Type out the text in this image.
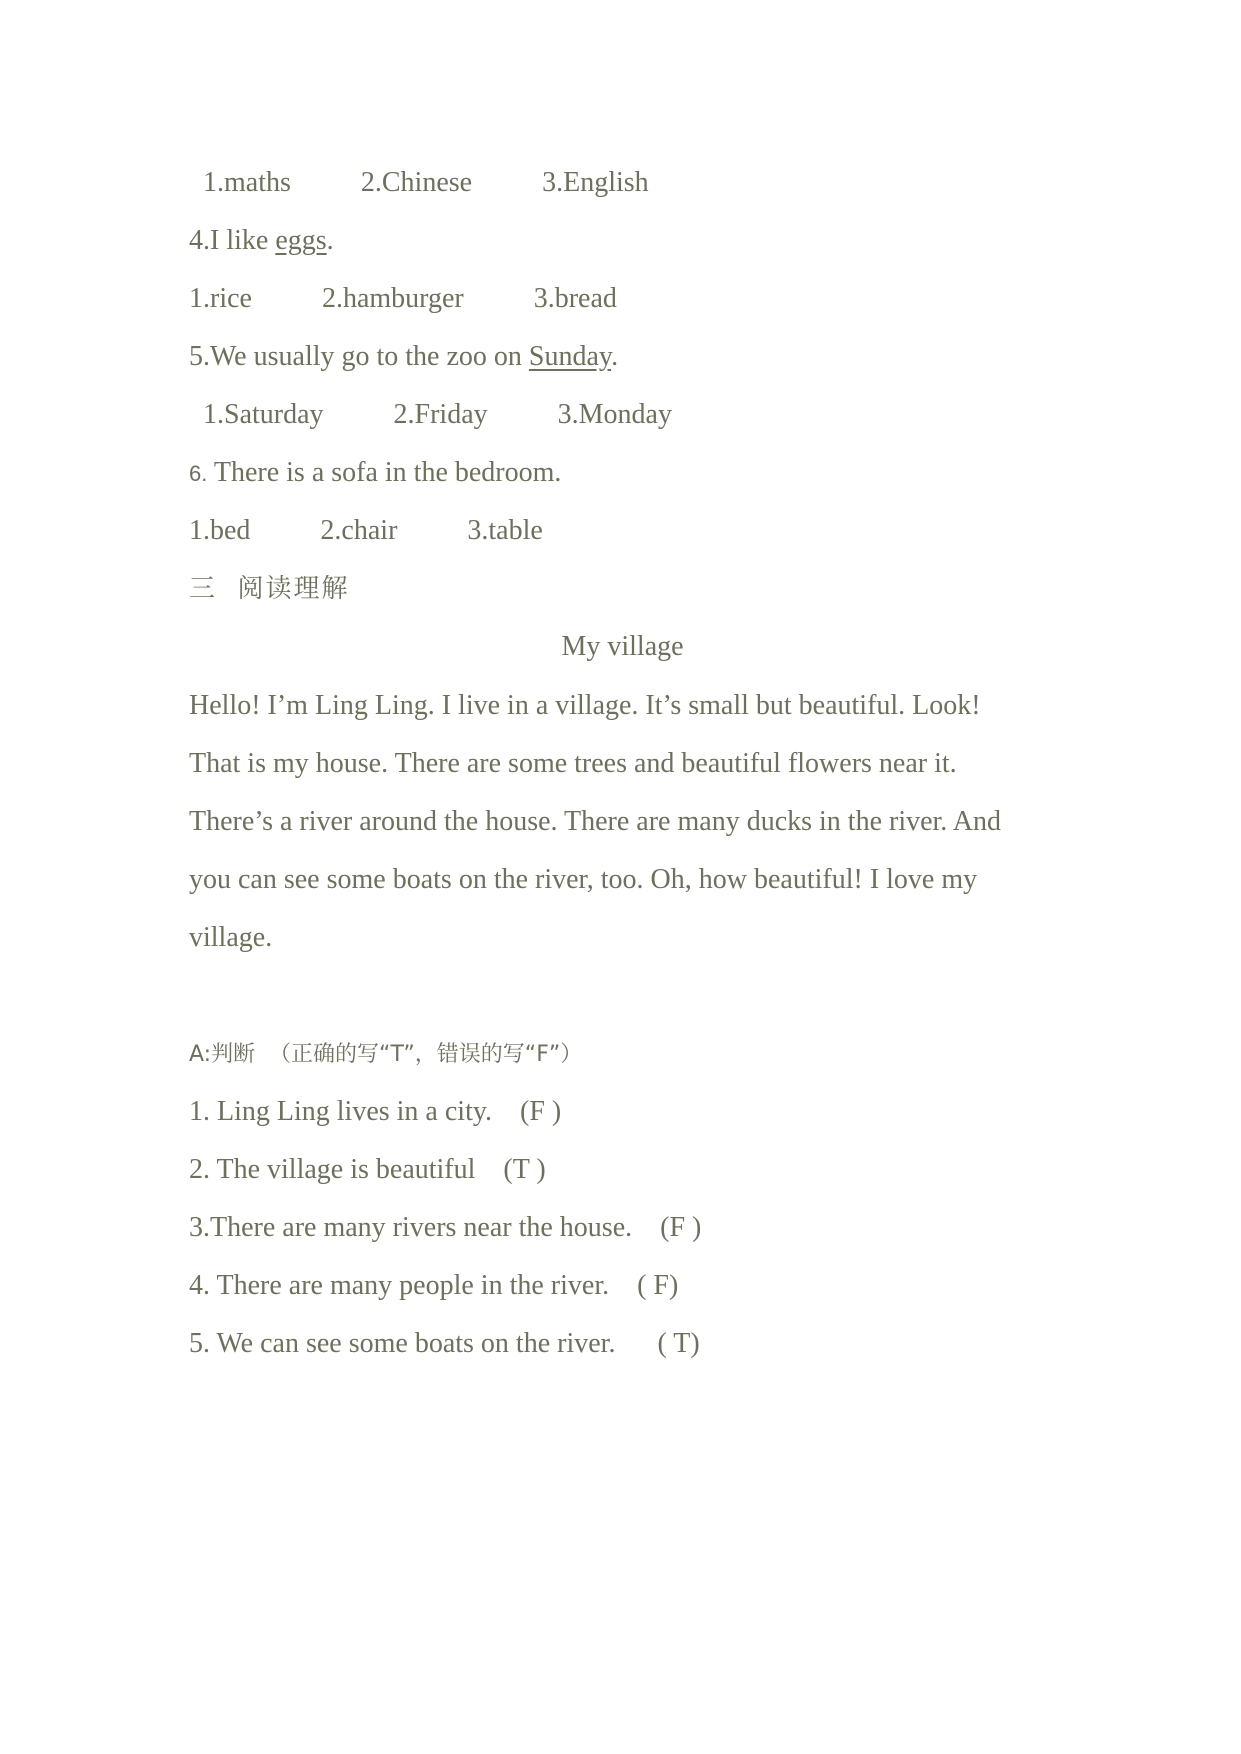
1.maths          2.Chinese          3.English
4.I like eggs.
1.rice          2.hamburger          3.bread
5.We usually go to the zoo on Sunday.
1.Saturday          2.Friday          3.Monday
6. There is a sofa in the bedroom.
1.bed          2.chair          3.table
三  阅读理解
My village
Hello! I’m Ling Ling. I live in a village. It’s small but beautiful. Look!
That is my house. There are some trees and beautiful flowers near it.
There’s a river around the house. There are many ducks in the river. And
you can see some boats on the river, too. Oh, how beautiful! I love my
village.
A:判断  （正确的写“T”，错误的写“F”）
1. Ling Ling lives in a city.    (F )
2. The village is beautiful    (T )
3.There are many rivers near the house.    (F )
4. There are many people in the river.    ( F)
5. We can see some boats on the river.      ( T)
